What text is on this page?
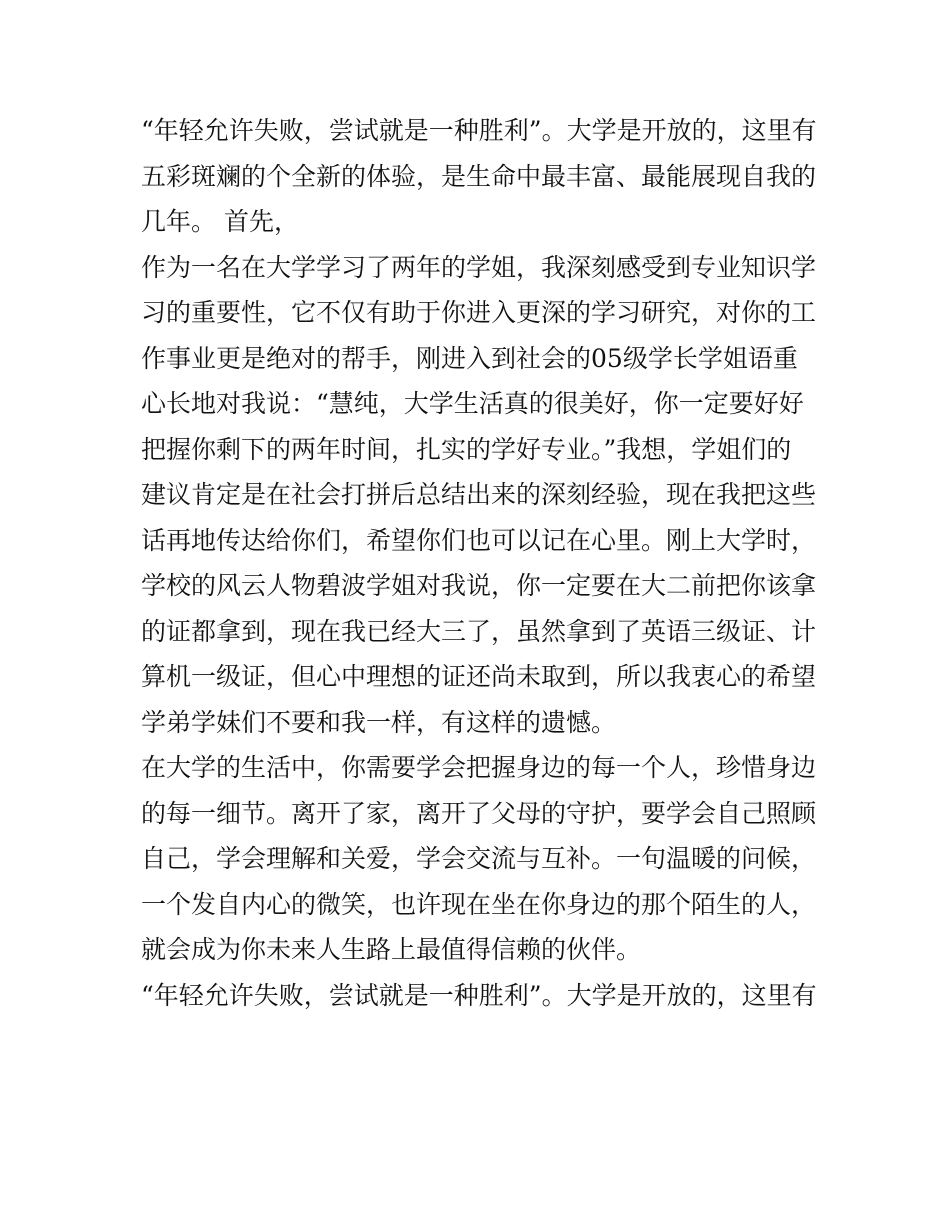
“年轻允许失败，尝试就是一种胜利”。大学是开放的，这里有
五彩斑斓的个全新的体验，是生命中最丰富、最能展现自我的
几年。 首先，
作为一名在大学学习了两年的学姐，我深刻感受到专业知识学
习的重要性，它不仅有助于你进入更深的学习研究，对你的工
作事业更是绝对的帮手，刚进入到社会的05级学长学姐语重
心长地对我说：“慧纯，大学生活真的很美好，你一定要好好
把握你剩下的两年时间，扎实的学好专业。”我想，学姐们的
建议肯定是在社会打拼后总结出来的深刻经验，现在我把这些
话再地传达给你们，希望你们也可以记在心里。刚上大学时，
学校的风云人物碧波学姐对我说，你一定要在大二前把你该拿
的证都拿到，现在我已经大三了，虽然拿到了英语三级证、计
算机一级证，但心中理想的证还尚未取到，所以我衷心的希望
学弟学妹们不要和我一样，有这样的遗憾。
在大学的生活中，你需要学会把握身边的每一个人，珍惜身边
的每一细节。离开了家，离开了父母的守护，要学会自己照顾
自己，学会理解和关爱，学会交流与互补。一句温暖的问候，
一个发自内心的微笑，也许现在坐在你身边的那个陌生的人，
就会成为你未来人生路上最值得信赖的伙伴。
“年轻允许失败，尝试就是一种胜利”。大学是开放的，这里有
